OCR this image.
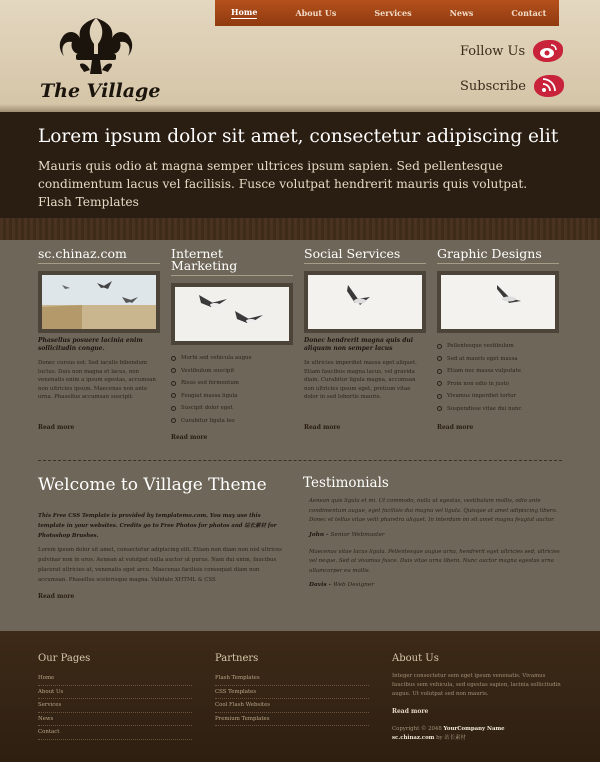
The Village
Home	About Us	Services	News	Contact
Follow Us
Subscribe
Lorem ipsum dolor sit amet, consectetur adipiscing elit
Mauris quis odio at magna semper ultrices ipsum sapien. Sed pellentesque condimentum lacus vel facilisis. Fusce volutpat hendrerit mauris quis volutpat. Flash Templates
sc.chinaz.com
Phasellus posuere lacinia enim sollicitudin congue.
Donec cursus est. Sed iaculis bibendum luctus. Duis non magna et lacus, non venenatis enim a ipsum egestas, accumsan non ultricies ipsum. Maecenas non ante urna. Phasellus accumsan suscipit.
Read more
Internet Marketing
Morbi sed vehicula augue
Vestibulum suscipit
Risus sed fermentum
Feugiat massa ligula
Suscipit dolor eget
Curabitur ligula leo
Read more
Social Services
Donec hendrerit magna quis dui aliquam non semper lacus
In ultricies imperdiet massa eget aliquet. Etiam faucibus magna lacus, vel gravida diam. Curabitur ligula magna, accumsan non ultricies ipsum eget, pretium vitae dolor in sed lobortis mauris.
Read more
Graphic Designs
Pellentesque vestibulum
Sed at mauris eget massa
Etiam nec massa vulputate
Proin non odio in justo
Vivamus imperdiet tortor
Suspendisse vitae dui nunc
Read more
Welcome to Village Theme
This Free CSS Template is provided by templatemo.com. You may use this template in your websites. Credits go to Free Photos for photos and 站长素材 for Photoshop Brushes.
Lorem ipsum dolor sit amet, consectetur adipiscing elit. Etiam non diam non nisl ultrices pulvinar non in eros. Aenean at volutpat nulla auctor ut purus. Nam dui enim, faucibus placerat ultricies at, venenatis eget arcu. Maecenas facilisis consequat diam non accumsan. Phasellus scelerisque magna. Validate XHTML & CSS
Read more
Testimonials
Aenean quis ligula et mi. Ut commodo, nulla ut egestas, vestibulum mollis, odio ante condimentum augue, eget facilisis dui magna vel ligula. Quisque at amet adipiscing libero. Donec et tellus vitae velit pharetra aliquet. In interdum mi sit amet magna feugiat auctor.
John - Senior Webmaster
Maecenas vitae lacus ligula. Pellentesque augue urna, hendrerit eget ultricies sed, ultricies vel neque. Sed at vivamus fusce. Duis vitae urna libero. Nunc auctor magna egestas urna ullamcorper eu mollis.
Davis - Web Designer
Our Pages
Home
About Us
Services
News
Contact
Partners
Flash Templates
CSS Templates
Cool Flash Websites
Premium Templates
About Us
Integer consectetur sem eget ipsum venenatis. Vivamus faucibus sem vehicula, sed egestas sapien, lacinia sollicitudin augue. Ut volutpat sed non mauris.
Read more
Copyright © 2048 YourCompany Name
sc.chinaz.com by 站长素材
